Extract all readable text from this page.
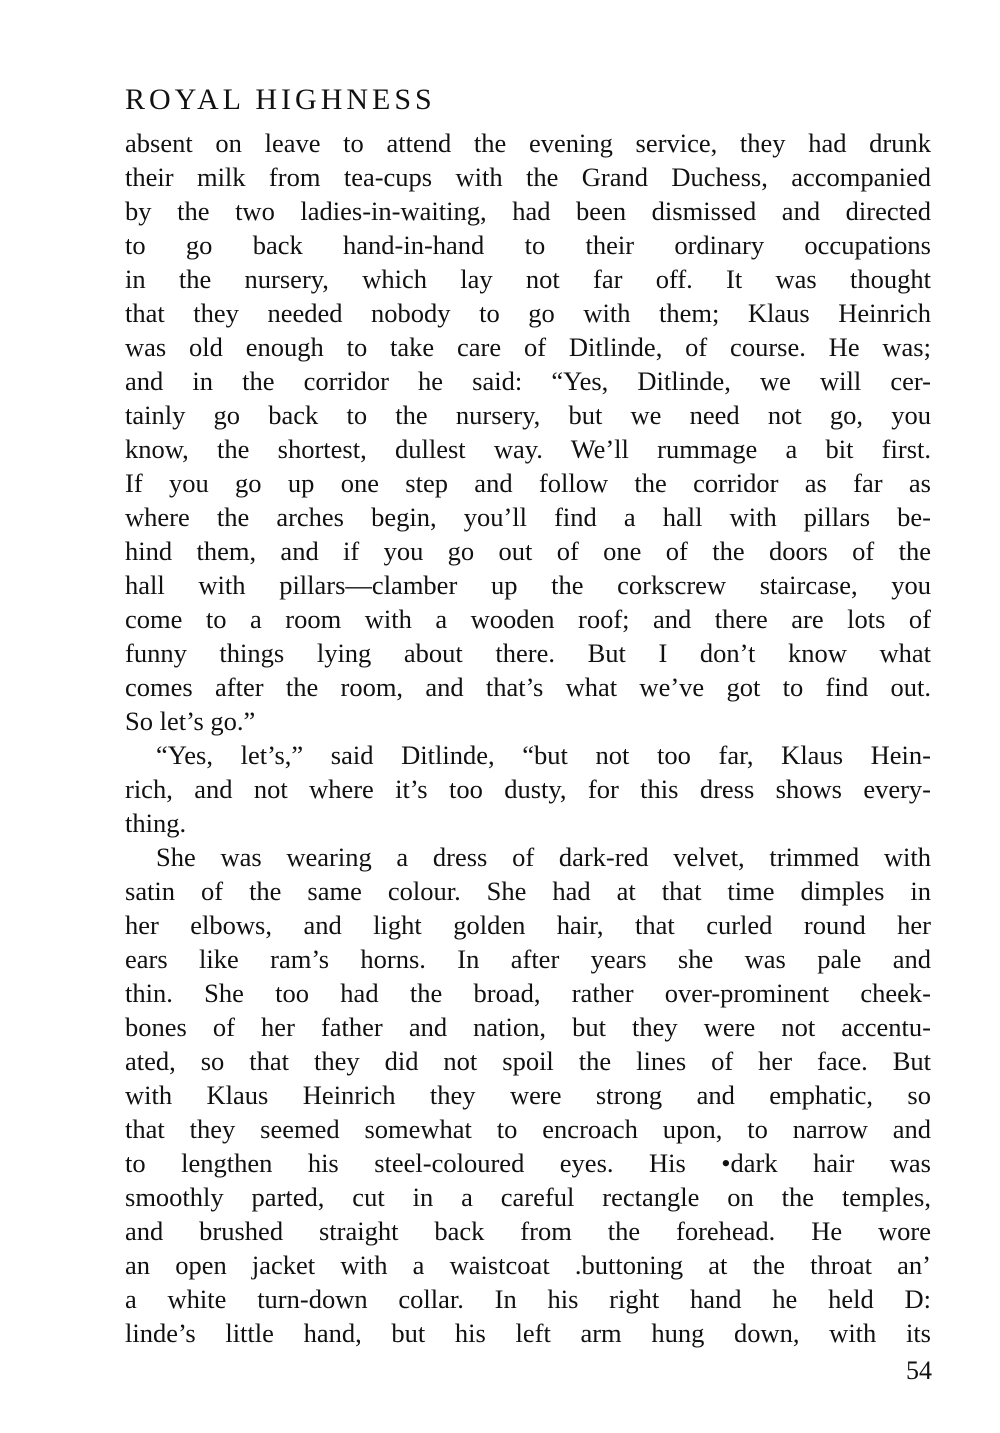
ROYAL HIGHNESS
absent on leave to attend the evening service, they had drunk
their milk from tea-cups with the Grand Duchess, accompanied
by the two ladies-in-waiting, had been dismissed and directed
to go back hand-in-hand to their ordinary occupations
in the nursery, which lay not far off. It was thought
that they needed nobody to go with them; Klaus Heinrich
was old enough to take care of Ditlinde, of course. He was;
and in the corridor he said: “Yes, Ditlinde, we will cer-
tainly go back to the nursery, but we need not go, you
know, the shortest, dullest way. We’ll rummage a bit first.
If you go up one step and follow the corridor as far as
where the arches begin, you’ll find a hall with pillars be-
hind them, and if you go out of one of the doors of the
hall with pillars—clamber up the corkscrew staircase, you
come to a room with a wooden roof; and there are lots of
funny things lying about there. But I don’t know what
comes after the room, and that’s what we’ve got to find out.
So let’s go.”
“Yes, let’s,” said Ditlinde, “but not too far, Klaus Hein-
rich, and not where it’s too dusty, for this dress shows every-
thing.
She was wearing a dress of dark-red velvet, trimmed with
satin of the same colour. She had at that time dimples in
her elbows, and light golden hair, that curled round her
ears like ram’s horns. In after years she was pale and
thin. She too had the broad, rather over-prominent cheek-
bones of her father and nation, but they were not accentu-
ated, so that they did not spoil the lines of her face. But
with Klaus Heinrich they were strong and emphatic, so
that they seemed somewhat to encroach upon, to narrow and
to lengthen his steel-coloured eyes. His •dark hair was
smoothly parted, cut in a careful rectangle on the temples,
and brushed straight back from the forehead. He wore
an open jacket with a waistcoat .buttoning at the throat an’
a white turn-down collar. In his right hand he held D:
linde’s little hand, but his left arm hung down, with its
54
